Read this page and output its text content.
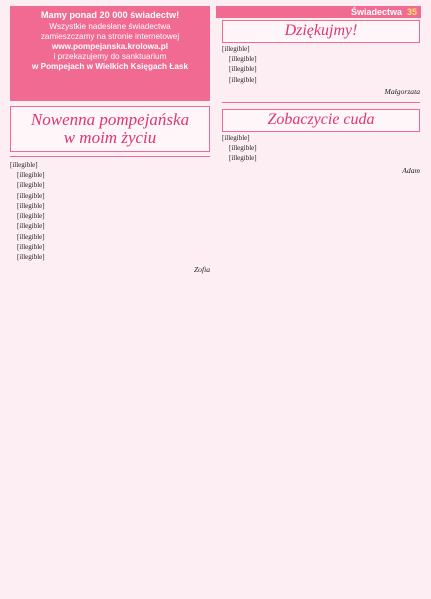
Mamy ponad 20 000 świadectw!
Wszystkie nadesłane świadectwa
zamieszczamy na stronie internetowej
www.pompejanska.krolowa.pl
i przekazujemy do sanktuarium
w Pompejach w Wielkich Księgach Łask
Świadectwa 35
Nowenna pompejańska
w moim życiu

[illegible]

[illegible]

[illegible]

[illegible]

[illegible]

[illegible]

[illegible]

[illegible]

[illegible]

[illegible]

Zofia
Dziękujmy!

[illegible]

[illegible]

[illegible]

[illegible]

Małgorzata
Zobaczycie cuda

[illegible]

[illegible]

[illegible]

Adam
